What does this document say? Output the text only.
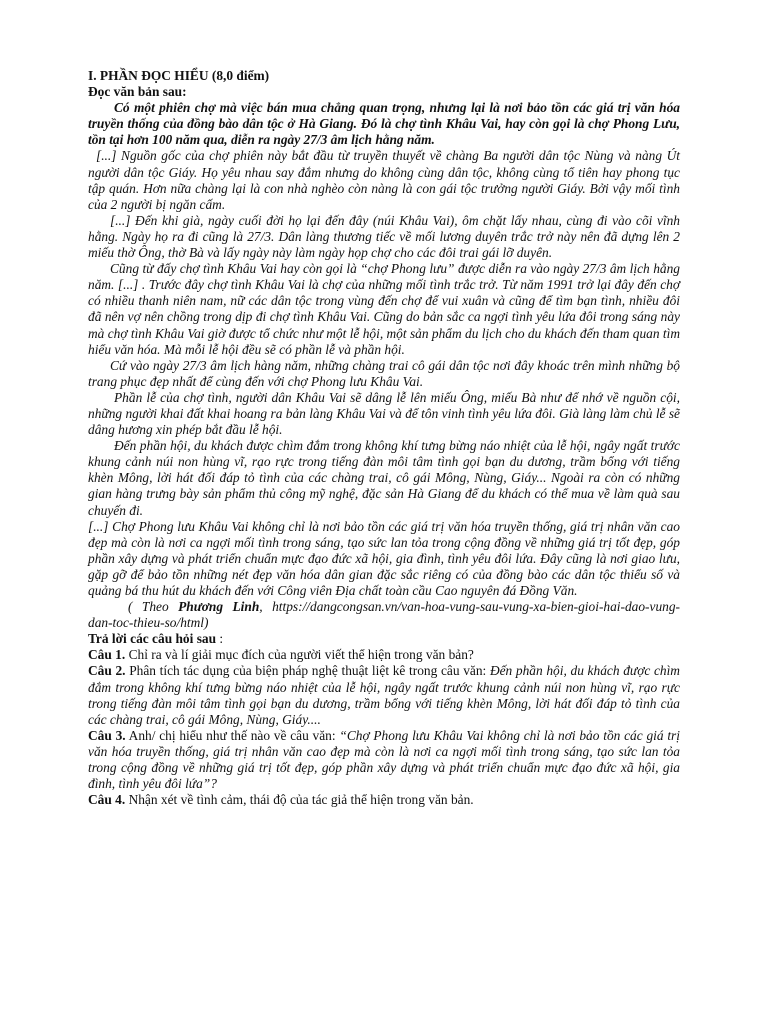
I. PHẦN ĐỌC HIỂU (8,0 điểm)

Đọc văn bản sau:

Có một phiên chợ mà việc bán mua chẳng quan trọng, nhưng lại là nơi bảo tồn các giá trị văn hóa truyền thống của đồng bào dân tộc ở Hà Giang. Đó là chợ tình Khâu Vai, hay còn gọi là chợ Phong Lưu, tồn tại hơn 100 năm qua, diễn ra ngày 27/3 âm lịch hằng năm.

[...] Nguồn gốc của chợ phiên này bắt đầu từ truyền thuyết về chàng Ba người dân tộc Nùng và nàng Út người dân tộc Giáy. Họ yêu nhau say đắm nhưng do không cùng dân tộc, không cùng tổ tiên hay phong tục tập quán. Hơn nữa chàng lại là con nhà nghèo còn nàng là con gái tộc trưởng người Giáy. Bởi vậy mối tình của 2 người bị ngăn cấm.

[...] Đến khi già, ngày cuối đời họ lại đến đây (núi Khâu Vai), ôm chặt lấy nhau, cùng đi vào cõi vĩnh hằng. Ngày họ ra đi cũng là 27/3. Dân làng thương tiếc về mối lương duyên trắc trở này nên đã dựng lên 2 miếu thờ Ông, thờ Bà và lấy ngày này làm ngày họp chợ cho các đôi trai gái lỡ duyên.

Cũng từ đấy chợ tình Khâu Vai hay còn gọi là “chợ Phong lưu” được diễn ra vào ngày 27/3 âm lịch hằng năm. [...] . Trước đây chợ tình Khâu Vai là chợ của những mối tình trắc trở. Từ năm 1991 trở lại đây đến chợ có nhiều thanh niên nam, nữ các dân tộc trong vùng đến chợ để vui xuân và cũng để tìm bạn tình, nhiều đôi đã nên vợ nên chồng trong dịp đi chợ tình Khâu Vai. Cũng do bản sắc ca ngợi tình yêu lứa đôi trong sáng này mà chợ tình Khâu Vai giờ được tổ chức như một lễ hội, một sản phẩm du lịch cho du khách đến tham quan tìm hiểu văn hóa. Mà mỗi lễ hội đều sẽ có phần lễ và phần hội.

Cứ vào ngày 27/3 âm lịch hàng năm, những chàng trai cô gái dân tộc nơi đây khoác trên mình những bộ trang phục đẹp nhất để cùng đến với chợ Phong lưu Khâu Vai.

Phần lễ của chợ tình, người dân Khâu Vai sẽ dâng lễ lên miếu Ông, miếu Bà như để nhớ về nguồn cội, những người khai đất khai hoang ra bản làng Khâu Vai và để tôn vinh tình yêu lứa đôi. Già làng làm chủ lễ sẽ dâng hương xin phép bắt đầu lễ hội.

Đến phần hội, du khách được chìm đắm trong không khí tưng bừng náo nhiệt của lễ hội, ngây ngất trước khung cảnh núi non hùng vĩ, rạo rực trong tiếng đàn môi tâm tình gọi bạn du dương, trầm bổng với tiếng khèn Mông, lời hát đối đáp tỏ tình của các chàng trai, cô gái Mông, Nùng, Giáy... Ngoài ra còn có những gian hàng trưng bày sản phẩm thủ công mỹ nghệ, đặc sản Hà Giang để du khách có thể mua về làm quà sau chuyến đi.

[...] Chợ Phong lưu Khâu Vai không chỉ là nơi bảo tồn các giá trị văn hóa truyền thống, giá trị nhân văn cao đẹp mà còn là nơi ca ngợi mối tình trong sáng, tạo sức lan tỏa trong cộng đồng về những giá trị tốt đẹp, góp phần xây dựng và phát triển chuẩn mực đạo đức xã hội, gia đình, tình yêu đôi lứa. Đây cũng là nơi giao lưu, gặp gỡ để bảo tồn những nét đẹp văn hóa dân gian đặc sắc riêng có của đồng bào các dân tộc thiểu số và quảng bá thu hút du khách đến với Công viên Địa chất toàn cầu Cao nguyên đá Đồng Văn.

( Theo Phương Linh, https://dangcongsan.vn/van-hoa-vung-sau-vung-xa-bien-gioi-hai-dao-vung-dan-toc-thieu-so/html)

Trả lời các câu hỏi sau :

Câu 1. Chỉ ra và lí giải mục đích của người viết thể hiện trong văn bản?

Câu 2. Phân tích tác dụng của biện pháp nghệ thuật liệt kê trong câu văn: Đến phần hội, du khách được chìm đắm trong không khí tưng bừng náo nhiệt của lễ hội, ngây ngất trước khung cảnh núi non hùng vĩ, rạo rực trong tiếng đàn môi tâm tình gọi bạn du dương, trầm bổng với tiếng khèn Mông, lời hát đối đáp tỏ tình của các chàng trai, cô gái Mông, Nùng, Giáy....

Câu 3. Anh/ chị hiểu như thế nào về câu văn: “Chợ Phong lưu Khâu Vai không chỉ là nơi bảo tồn các giá trị văn hóa truyền thống, giá trị nhân văn cao đẹp mà còn là nơi ca ngợi mối tình trong sáng, tạo sức lan tỏa trong cộng đồng về những giá trị tốt đẹp, góp phần xây dựng và phát triển chuẩn mực đạo đức xã hội, gia đình, tình yêu đôi lứa”?

Câu 4. Nhận xét về tình cảm, thái độ của tác giả thể hiện trong văn bản.
